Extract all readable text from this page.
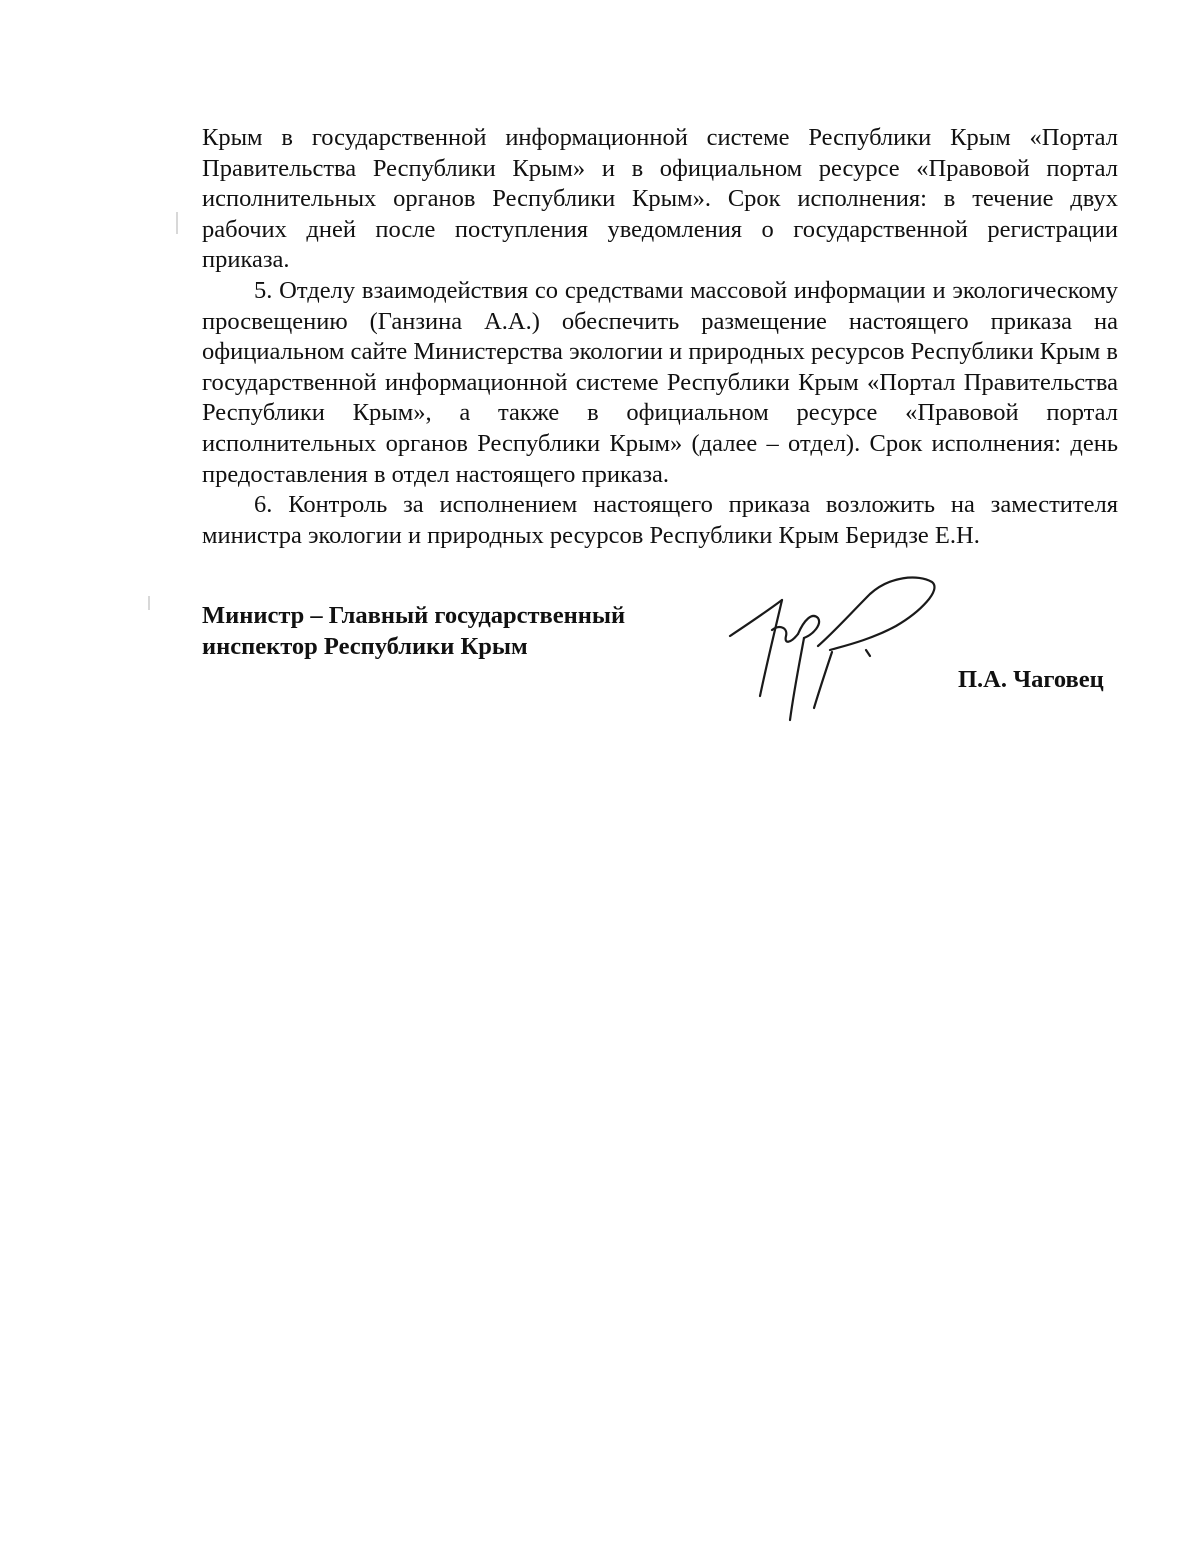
Крым в государственной информационной системе Республики Крым «Портал Правительства Республики Крым» и в официальном ресурсе «Правовой портал исполнительных органов Республики Крым». Срок исполнения: в течение двух рабочих дней после поступления уведомления о государственной регистрации приказа.

5. Отделу взаимодействия со средствами массовой информации и экологическому просвещению (Ганзина А.А.) обеспечить размещение настоящего приказа на официальном сайте Министерства экологии и природных ресурсов Республики Крым в государственной информационной системе Республики Крым «Портал Правительства Республики Крым», а также в официальном ресурсе «Правовой портал исполнительных органов Республики Крым» (далее – отдел). Срок исполнения: день предоставления в отдел настоящего приказа.

6. Контроль за исполнением настоящего приказа возложить на заместителя министра экологии и природных ресурсов Республики Крым Беридзе Е.Н.

Министр – Главный государственный
инспектор Республики Крым
П.А. Чаговец
